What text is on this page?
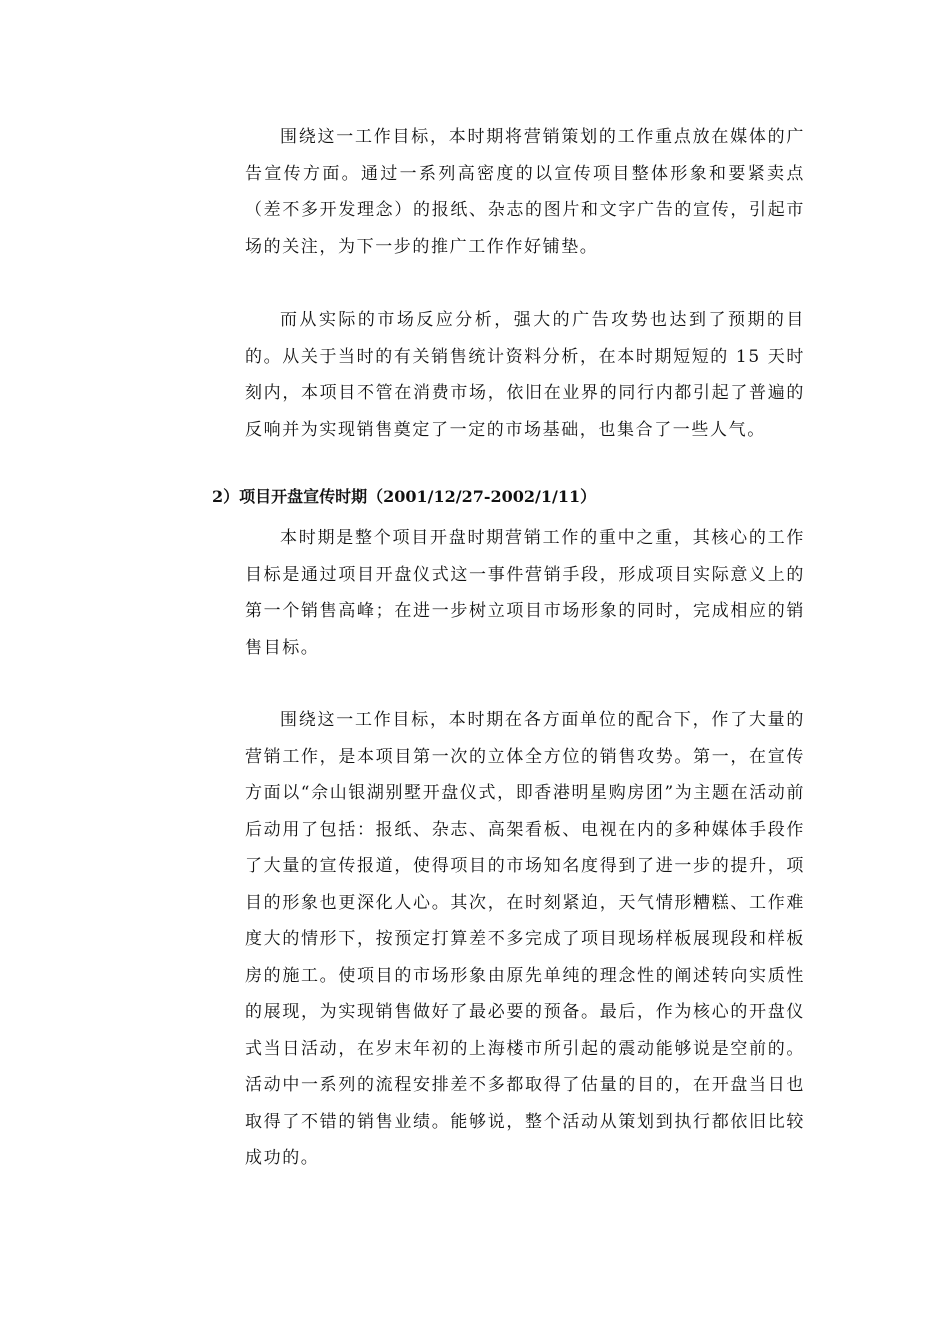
围绕这一工作目标，本时期将营销策划的工作重点放在媒体的广告宣传方面。通过一系列高密度的以宣传项目整体形象和要紧卖点（差不多开发理念）的报纸、杂志的图片和文字广告的宣传，引起市场的关注，为下一步的推广工作作好铺垫。

而从实际的市场反应分析，强大的广告攻势也达到了预期的目的。从关于当时的有关销售统计资料分析，在本时期短短的 15 天时刻内，本项目不管在消费市场，依旧在业界的同行内都引起了普遍的反响并为实现销售奠定了一定的市场基础，也集合了一些人气。

2）项目开盘宣传时期（2001/12/27-2002/1/11）

本时期是整个项目开盘时期营销工作的重中之重，其核心的工作目标是通过项目开盘仪式这一事件营销手段，形成项目实际意义上的第一个销售高峰；在进一步树立项目市场形象的同时，完成相应的销售目标。

围绕这一工作目标，本时期在各方面单位的配合下，作了大量的营销工作，是本项目第一次的立体全方位的销售攻势。第一，在宣传方面以“佘山银湖别墅开盘仪式，即香港明星购房团”为主题在活动前后动用了包括：报纸、杂志、高架看板、电视在内的多种媒体手段作了大量的宣传报道，使得项目的市场知名度得到了进一步的提升，项目的形象也更深化人心。其次，在时刻紧迫，天气情形糟糕、工作难度大的情形下，按预定打算差不多完成了项目现场样板展现段和样板房的施工。使项目的市场形象由原先单纯的理念性的阐述转向实质性的展现，为实现销售做好了最必要的预备。最后，作为核心的开盘仪式当日活动，在岁末年初的上海楼市所引起的震动能够说是空前的。活动中一系列的流程安排差不多都取得了估量的目的，在开盘当日也取得了不错的销售业绩。能够说，整个活动从策划到执行都依旧比较成功的。
